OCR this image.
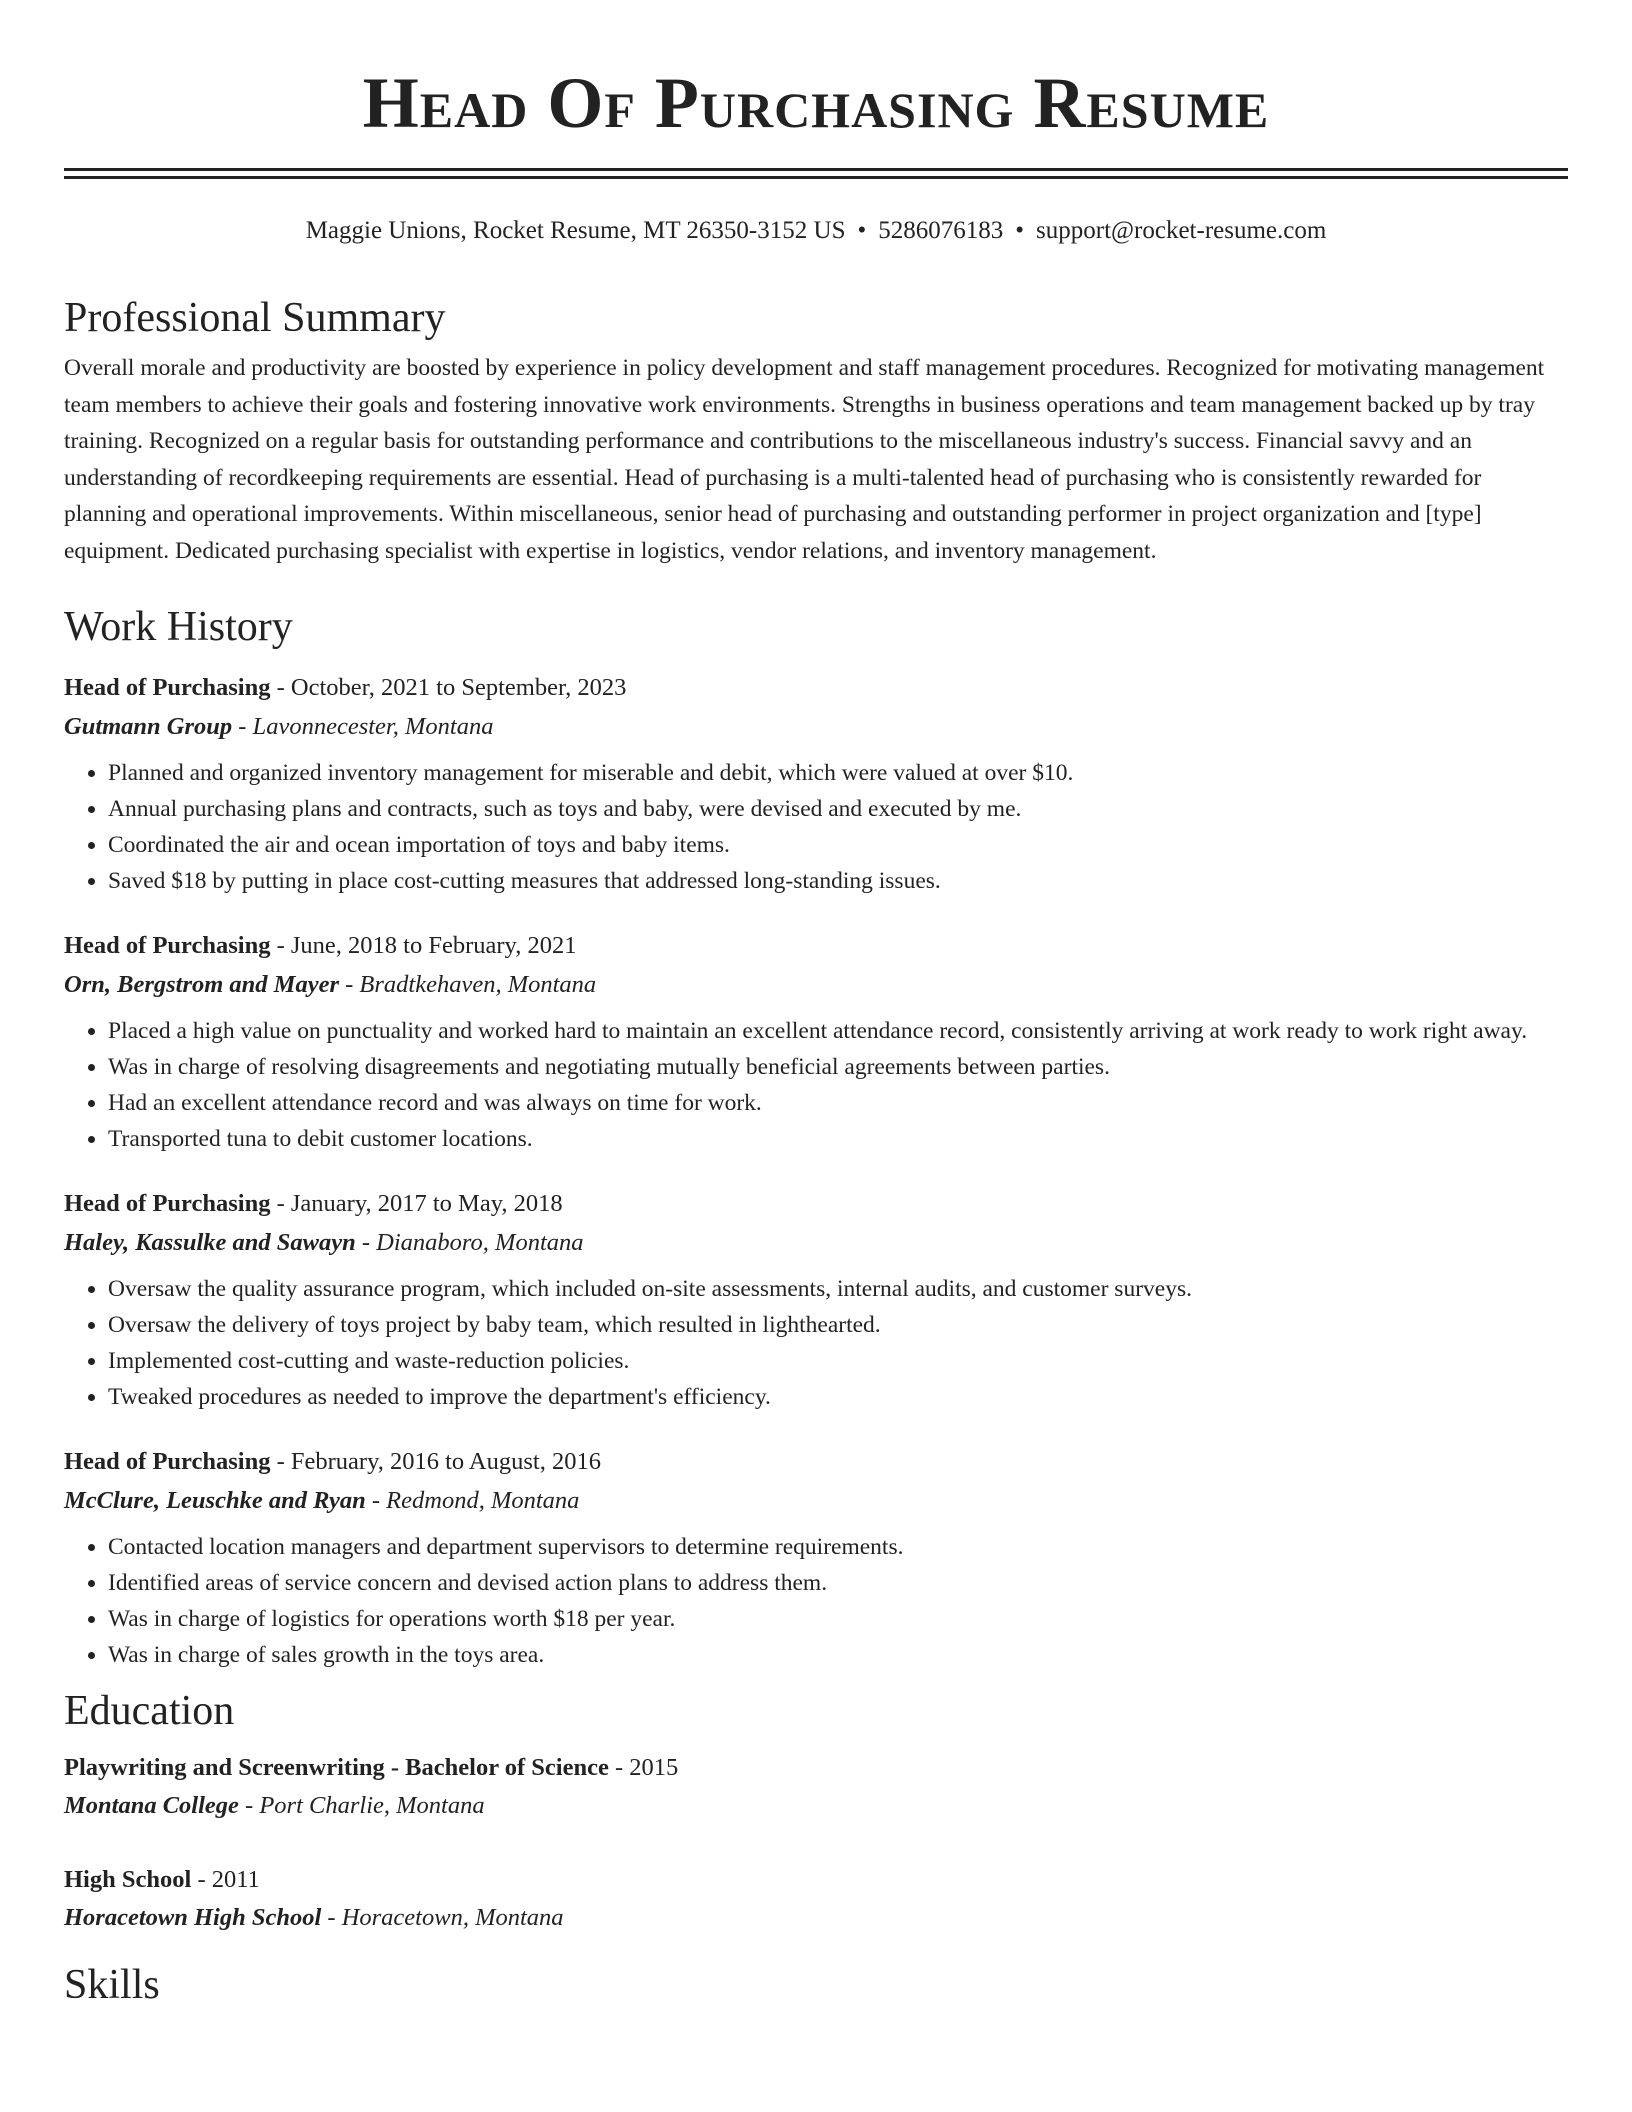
Head Of Purchasing Resume
Maggie Unions, Rocket Resume, MT 26350-3152 US • 5286076183 • support@rocket-resume.com
Professional Summary

Overall morale and productivity are boosted by experience in policy development and staff management procedures. Recognized for motivating management team members to achieve their goals and fostering innovative work environments. Strengths in business operations and team management backed up by tray training. Recognized on a regular basis for outstanding performance and contributions to the miscellaneous industry's success. Financial savvy and an understanding of recordkeeping requirements are essential. Head of purchasing is a multi-talented head of purchasing who is consistently rewarded for planning and operational improvements. Within miscellaneous, senior head of purchasing and outstanding performer in project organization and [type] equipment. Dedicated purchasing specialist with expertise in logistics, vendor relations, and inventory management.

Work History
Head of Purchasing - October, 2021 to September, 2023
Gutmann Group - Lavonnecester, Montana
• Planned and organized inventory management for miserable and debit, which were valued at over $10.
• Annual purchasing plans and contracts, such as toys and baby, were devised and executed by me.
• Coordinated the air and ocean importation of toys and baby items.
• Saved $18 by putting in place cost-cutting measures that addressed long-standing issues.
Head of Purchasing - June, 2018 to February, 2021
Orn, Bergstrom and Mayer - Bradtkehaven, Montana
• Placed a high value on punctuality and worked hard to maintain an excellent attendance record, consistently arriving at work ready to work right away.
• Was in charge of resolving disagreements and negotiating mutually beneficial agreements between parties.
• Had an excellent attendance record and was always on time for work.
• Transported tuna to debit customer locations.
Head of Purchasing - January, 2017 to May, 2018
Haley, Kassulke and Sawayn - Dianaboro, Montana
• Oversaw the quality assurance program, which included on-site assessments, internal audits, and customer surveys.
• Oversaw the delivery of toys project by baby team, which resulted in lighthearted.
• Implemented cost-cutting and waste-reduction policies.
• Tweaked procedures as needed to improve the department's efficiency.
Head of Purchasing - February, 2016 to August, 2016
McClure, Leuschke and Ryan - Redmond, Montana
• Contacted location managers and department supervisors to determine requirements.
• Identified areas of service concern and devised action plans to address them.
• Was in charge of logistics for operations worth $18 per year.
• Was in charge of sales growth in the toys area.
Education
Playwriting and Screenwriting - Bachelor of Science - 2015
Montana College - Port Charlie, Montana
High School - 2011
Horacetown High School - Horacetown, Montana
Skills
